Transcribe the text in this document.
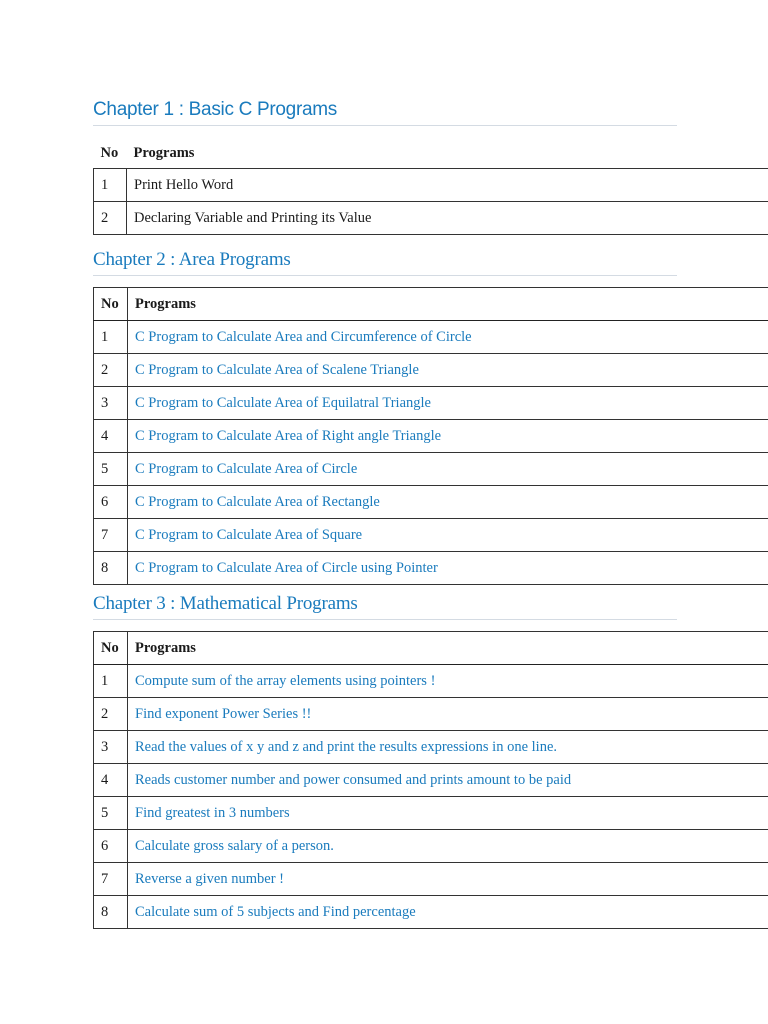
Chapter 1 : Basic C Programs
No	Programs
1	Print Hello Word
2	Declaring Variable and Printing its Value
Chapter 2 : Area Programs
No	Programs
1	C Program to Calculate Area and Circumference of Circle
2	C Program to Calculate Area of Scalene Triangle
3	C Program to Calculate Area of Equilatral Triangle
4	C Program to Calculate Area of Right angle Triangle
5	C Program to Calculate Area of Circle
6	C Program to Calculate Area of Rectangle
7	C Program to Calculate Area of Square
8	C Program to Calculate Area of Circle using Pointer
Chapter 3 : Mathematical Programs
No	Programs
1	Compute sum of the array elements using pointers !
2	Find exponent Power Series !!
3	Read the values of x y and z and print the results expressions in one line.
4	Reads customer number and power consumed and prints amount to be paid
5	Find greatest in 3 numbers
6	Calculate gross salary of a person.
7	Reverse a given number !
8	Calculate sum of 5 subjects and Find percentage
